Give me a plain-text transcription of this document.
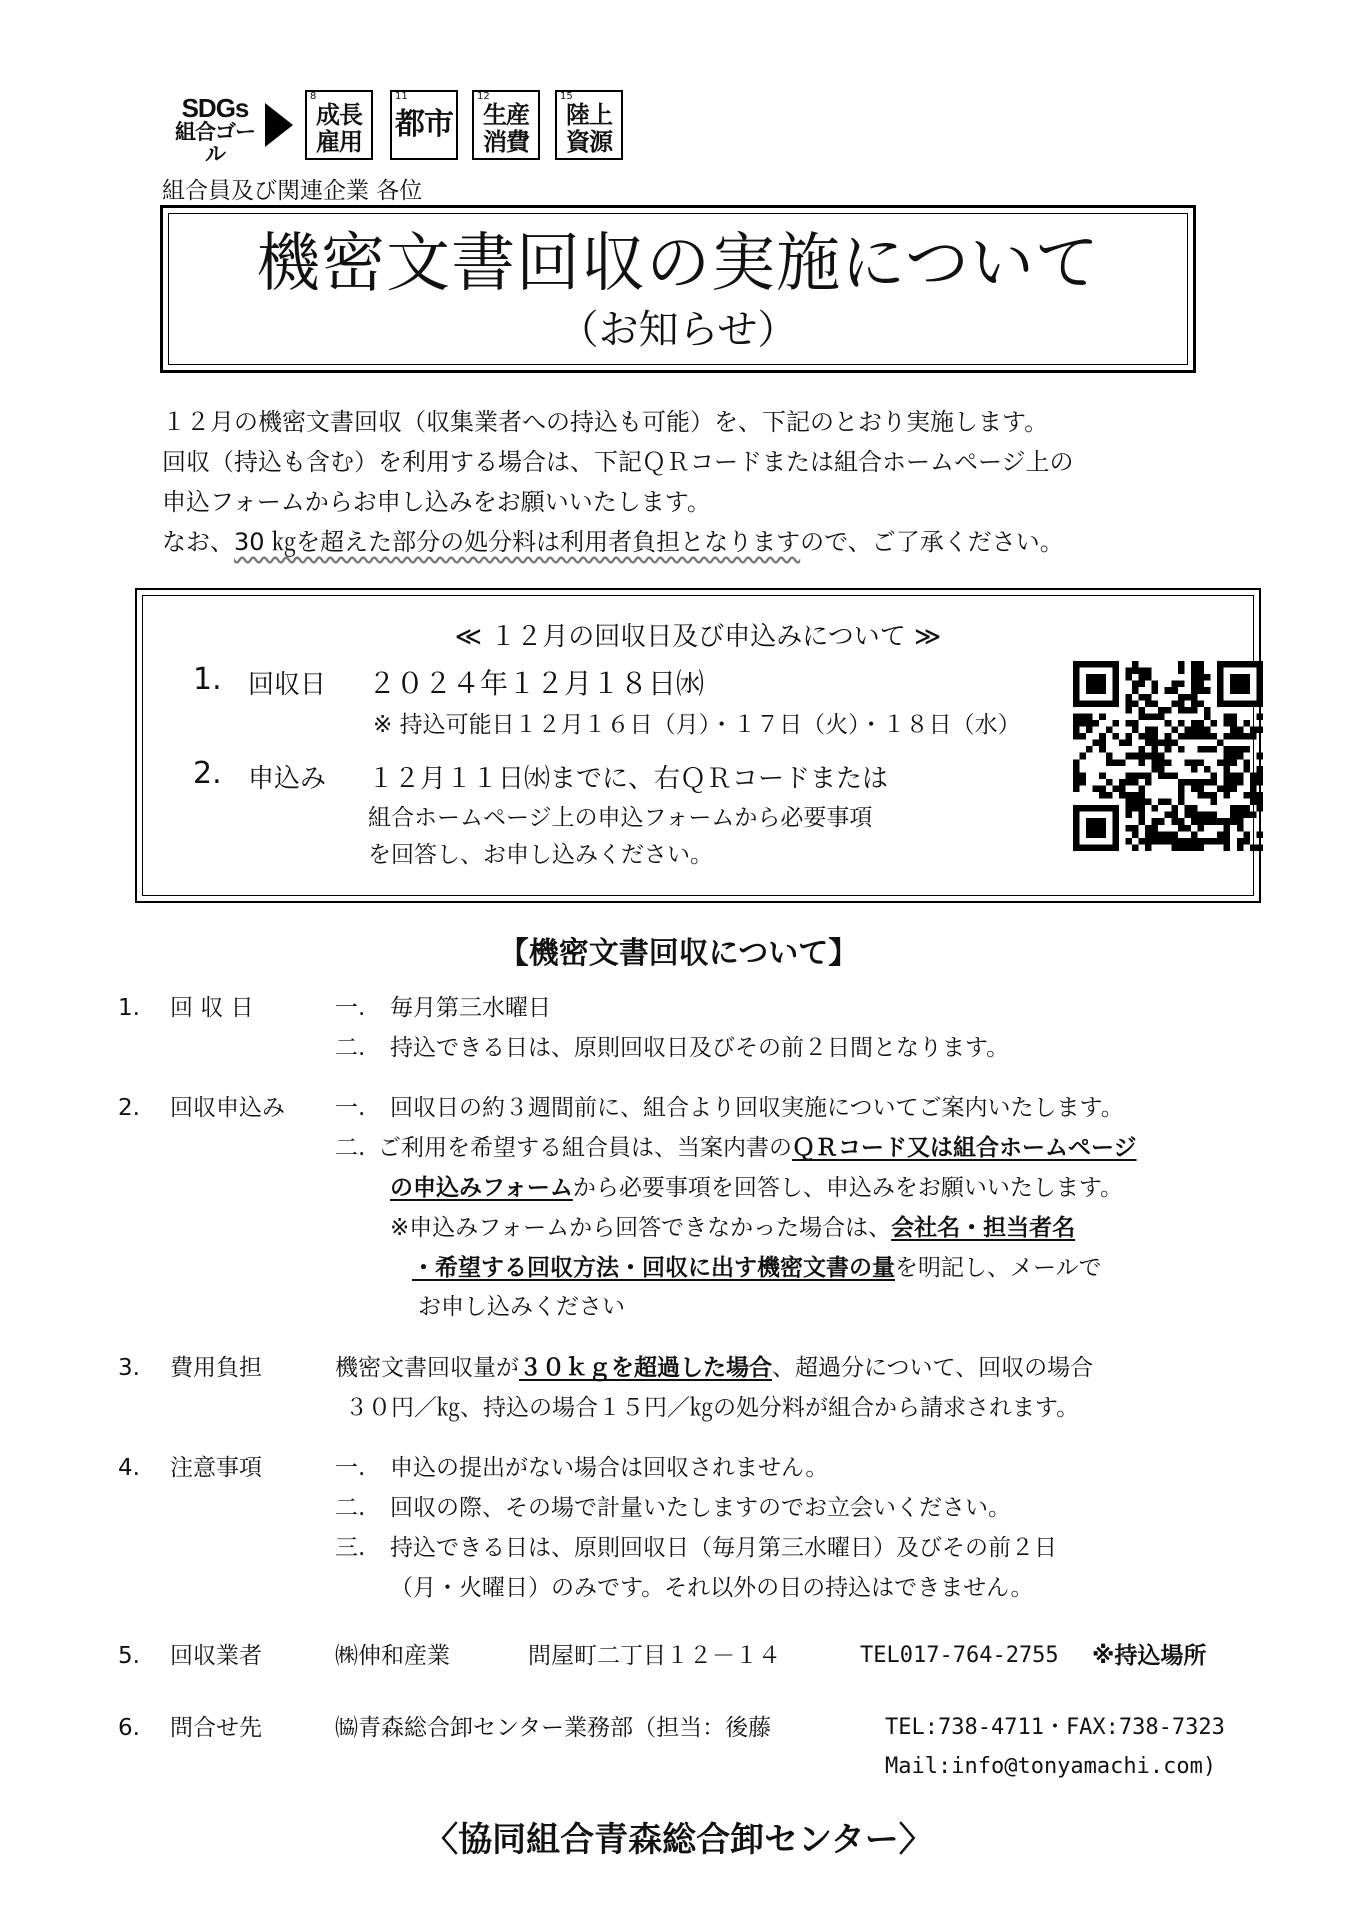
SDGs
組合ゴール
8
成長
雇用
11
都市
12
生産
消費
15
陸上
資源
組合員及び関連企業 各位
機密文書回収の実施について
（お知らせ）

１２月の機密文書回収（収集業者への持込も可能）を、下記のとおり実施します。

回収（持込も含む）を利用する場合は、下記ＱＲコードまたは組合ホームページ上の

申込フォームからお申し込みをお願いいたします。

なお、30 ㎏を超えた部分の処分料は利用者負担となりますので、ご了承ください。

≪ １２月の回収日及び申込みについて ≫
1. 回収日 ２０２４年１２月１８日㈬
※ 持込可能日１２月１６日（月）・１７日（火）・１８日（水）
2. 申込み １２月１１日㈬までに、右ＱＲコードまたは
組合ホームページ上の申込フォームから必要事項
を回答し、お申し込みください。
【機密文書回収について】
1. 回 収 日	一. 毎月第三水曜日
二. 持込できる日は、原則回収日及びその前２日間となります。
2. 回収申込み 一. 回収日の約３週間前に、組合より回収実施についてご案内いたします。
二. ご利用を希望する組合員は、当案内書のＱＲコード又は組合ホームページ
の申込みフォームから必要事項を回答し、申込みをお願いいたします。
※申込みフォームから回答できなかった場合は、会社名・担当者名
・希望する回収方法・回収に出す機密文書の量を明記し、メールで
お申し込みください
3. 費用負担	機密文書回収量が３０ｋｇを超過した場合、超過分について、回収の場合
３０円／㎏、持込の場合１５円／㎏の処分料が組合から請求されます。
4. 注意事項	一. 申込の提出がない場合は回収されません。
二. 回収の際、その場で計量いたしますのでお立会いください。
三. 持込できる日は、原則回収日（毎月第三水曜日）及びその前２日
（月・火曜日）のみです。それ以外の日の持込はできません。
5. 回収業者	㈱伸和産業	問屋町二丁目１２－１４	TEL017-764-2755 ※持込場所
6. 問合せ先	㈿青森総合卸センター業務部（担当：後藤	TEL:738-4711・FAX:738-7323
Mail:info@tonyamachi.com)
〈協同組合青森総合卸センター〉
